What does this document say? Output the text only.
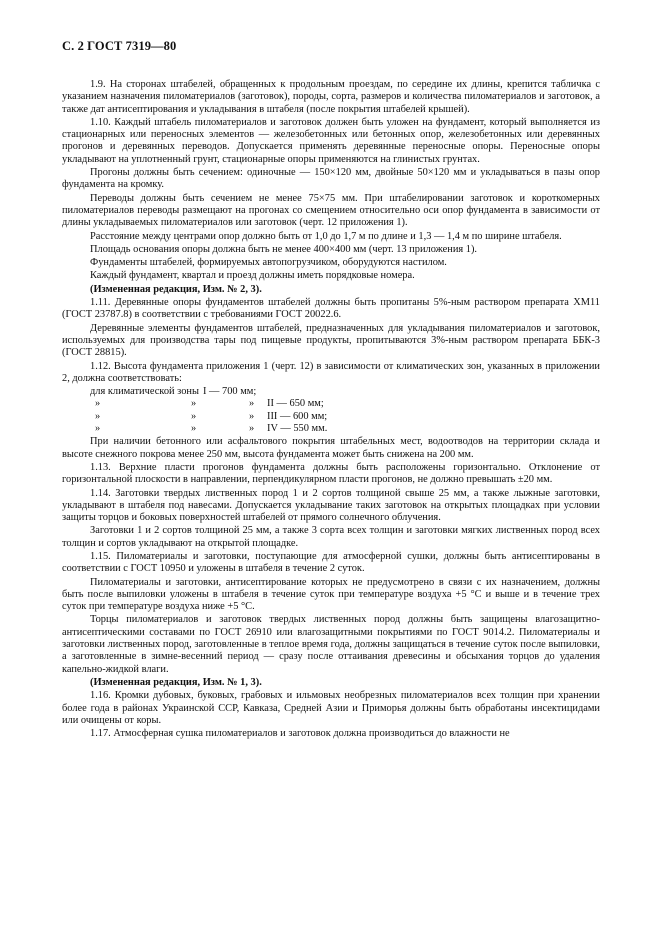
С. 2 ГОСТ 7319—80

1.9. На сторонах штабелей, обращенных к продольным проездам, по середине их длины, крепится табличка с указанием назначения пиломатериалов (заготовок), породы, сорта, размеров и количества пиломатериалов и заготовок, а также дат антисептирования и укладывания в штабеля (после покрытия штабелей крышей).

1.10. Каждый штабель пиломатериалов и заготовок должен быть уложен на фундамент, который выполняется из стационарных или переносных элементов — железобетонных или бетонных опор, железобетонных или деревянных прогонов и деревянных переводов. Допускается применять деревянные переносные опоры. Переносные опоры укладывают на уплотненный грунт, стационарные опоры применяются на глинистых грунтах.

Прогоны должны быть сечением: одиночные — 150×120 мм, двойные 50×120 мм и укладываться в пазы опор фундамента на кромку.

Переводы должны быть сечением не менее 75×75 мм. При штабелировании заготовок и короткомерных пиломатериалов переводы размещают на прогонах со смещением относительно оси опор фундамента в зависимости от длины укладываемых пиломатериалов или заготовок (черт. 12 приложения 1).

Расстояние между центрами опор должно быть от 1,0 до 1,7 м по длине и 1,3 — 1,4 м по ширине штабеля.

Площадь основания опоры должна быть не менее 400×400 мм (черт. 13 приложения 1).

Фундаменты штабелей, формируемых автопогрузчиком, оборудуются настилом.

Каждый фундамент, квартал и проезд должны иметь порядковые номера.

(Измененная редакция, Изм. № 2, 3).

1.11. Деревянные опоры фундаментов штабелей должны быть пропитаны 5%-ным раствором препарата ХМ11 (ГОСТ 23787.8) в соответствии с требованиями ГОСТ 20022.6.

Деревянные элементы фундаментов штабелей, предназначенных для укладывания пиломатериалов и заготовок, используемых для производства тары под пищевые продукты, пропитываются 3%-ным раствором препарата ББК-3 (ГОСТ 28815).

1.12. Высота фундамента приложения 1 (черт. 12) в зависимости от климатических зон, указанных в приложении 2, должна соответствовать:

для климатической зоны I — 700 мм;
»	»	»	II — 650 мм;
»	»	»	III — 600 мм;
»	»	»	IV — 550 мм.

При наличии бетонного или асфальтового покрытия штабельных мест, водоотводов на территории склада и высоте снежного покрова менее 250 мм, высота фундамента может быть снижена на 200 мм.

1.13. Верхние пласти прогонов фундамента должны быть расположены горизонтально. Отклонение от горизонтальной плоскости в направлении, перпендикулярном пласти прогонов, не должно превышать ±20 мм.

1.14. Заготовки твердых лиственных пород 1 и 2 сортов толщиной свыше 25 мм, а также лыжные заготовки, укладывают в штабеля под навесами. Допускается укладывание таких заготовок на открытых площадках при условии защиты торцов и боковых поверхностей штабелей от прямого солнечного облучения.

Заготовки 1 и 2 сортов толщиной 25 мм, а также 3 сорта всех толщин и заготовки мягких лиственных пород всех толщин и сортов укладывают на открытой площадке.

1.15. Пиломатериалы и заготовки, поступающие для атмосферной сушки, должны быть антисептированы в соответствии с ГОСТ 10950 и уложены в штабеля в течение 2 суток.

Пиломатериалы и заготовки, антисептирование которых не предусмотрено в связи с их назначением, должны быть после выпиловки уложены в штабеля в течение суток при температуре воздуха +5 °С и выше и в течение трех суток при температуре воздуха ниже +5 °С.

Торцы пиломатериалов и заготовок твердых лиственных пород должны быть защищены влагозащитно-антисептическими составами по ГОСТ 26910 или влагозащитными покрытиями по ГОСТ 9014.2. Пиломатериалы и заготовки лиственных пород, заготовленные в теплое время года, должны защищаться в течение суток после выпиловки, а заготовленные в зимне-весенний период — сразу после оттаивания древесины и обсыхания торцов до удаления капельно-жидкой влаги.

(Измененная редакция, Изм. № 1, 3).

1.16. Кромки дубовых, буковых, грабовых и ильмовых необрезных пиломатериалов всех толщин при хранении более года в районах Украинской ССР, Кавказа, Средней Азии и Приморья должны быть обработаны инсектицидами или очищены от коры.

1.17. Атмосферная сушка пиломатериалов и заготовок должна производиться до влажности не
